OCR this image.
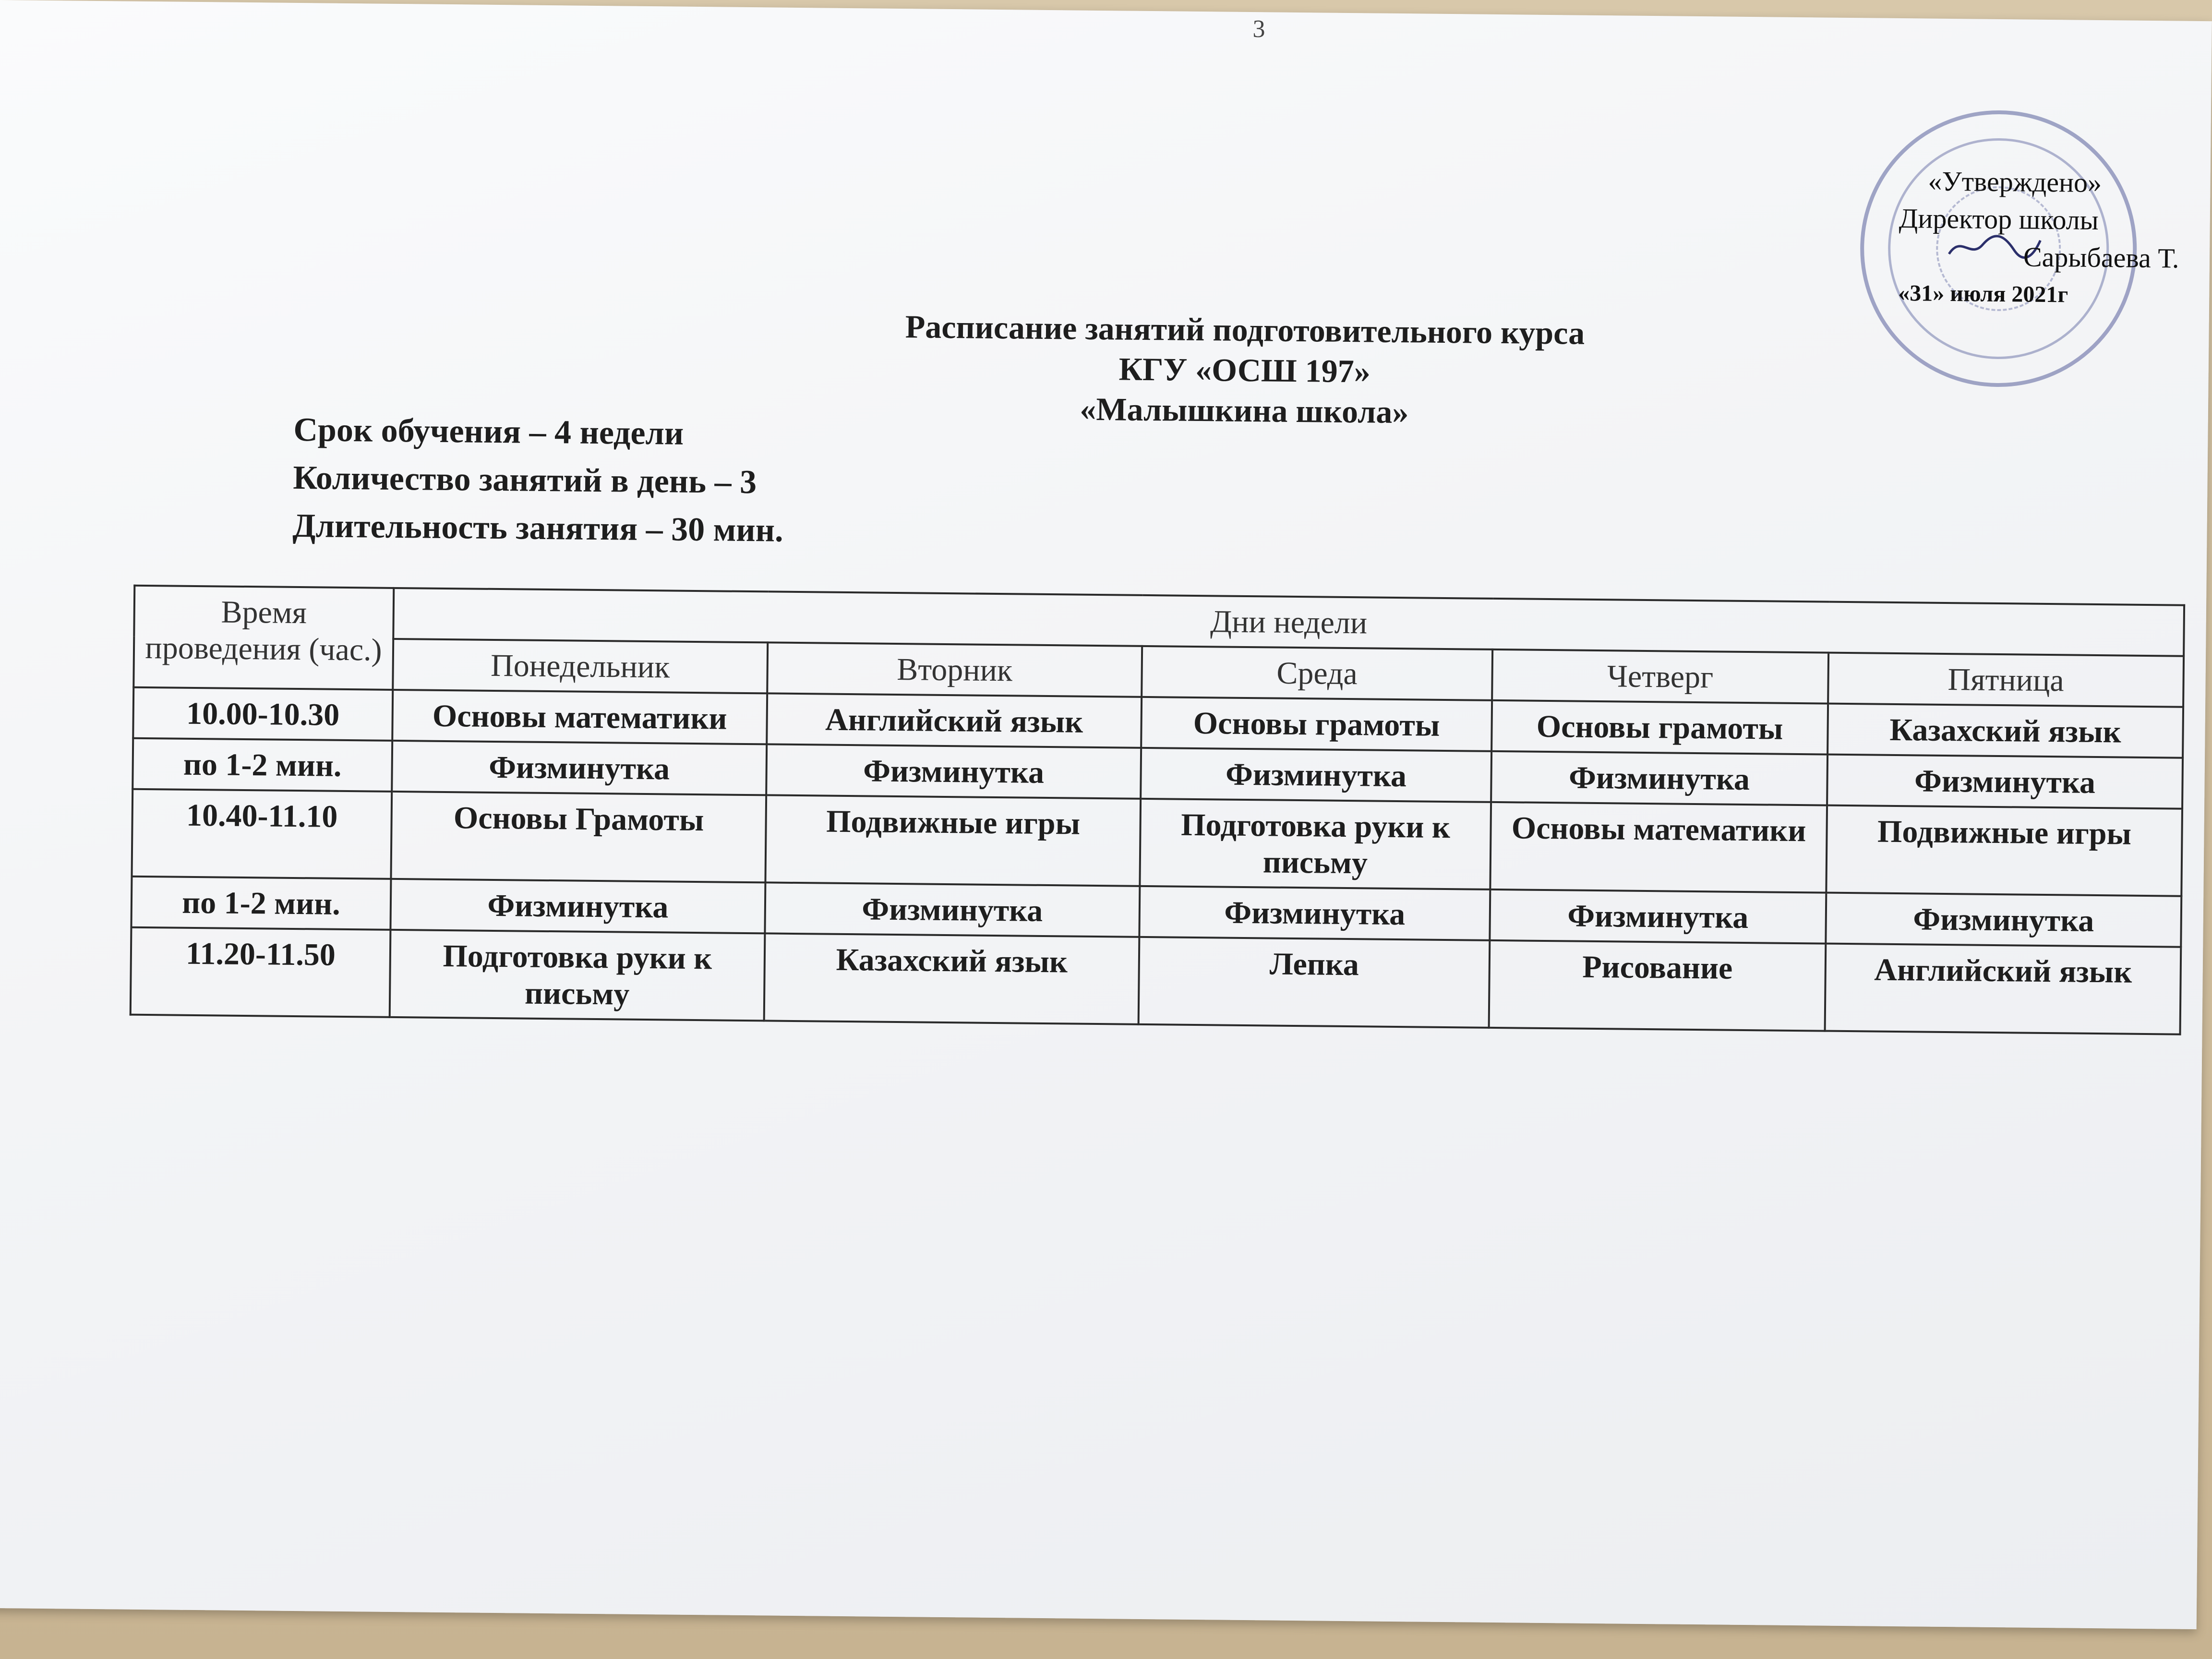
3
«Утверждено»
Директор школы
Сарыбаева Т.
«31» июля 2021г
Расписание занятий подготовительного курса
КГУ «ОСШ 197»
«Малышкина школа»
Срок обучения – 4 недели
Количество занятий в день – 3
Длительность занятия – 30 мин.
Время проведения (час.)	Дни недели				
	Понедельник	Вторник	Среда	Четверг	Пятница
10.00-10.30	Основы математики	Английский язык	Основы грамоты	Основы грамоты	Казахский язык
по 1-2 мин.	Физминутка	Физминутка	Физминутка	Физминутка	Физминутка
10.40-11.10	Основы Грамоты	Подвижные игры	Подготовка руки к письму	Основы математики	Подвижные игры
по 1-2 мин.	Физминутка	Физминутка	Физминутка	Физминутка	Физминутка
11.20-11.50	Подготовка руки к письму	Казахский язык	Лепка	Рисование	Английский язык
